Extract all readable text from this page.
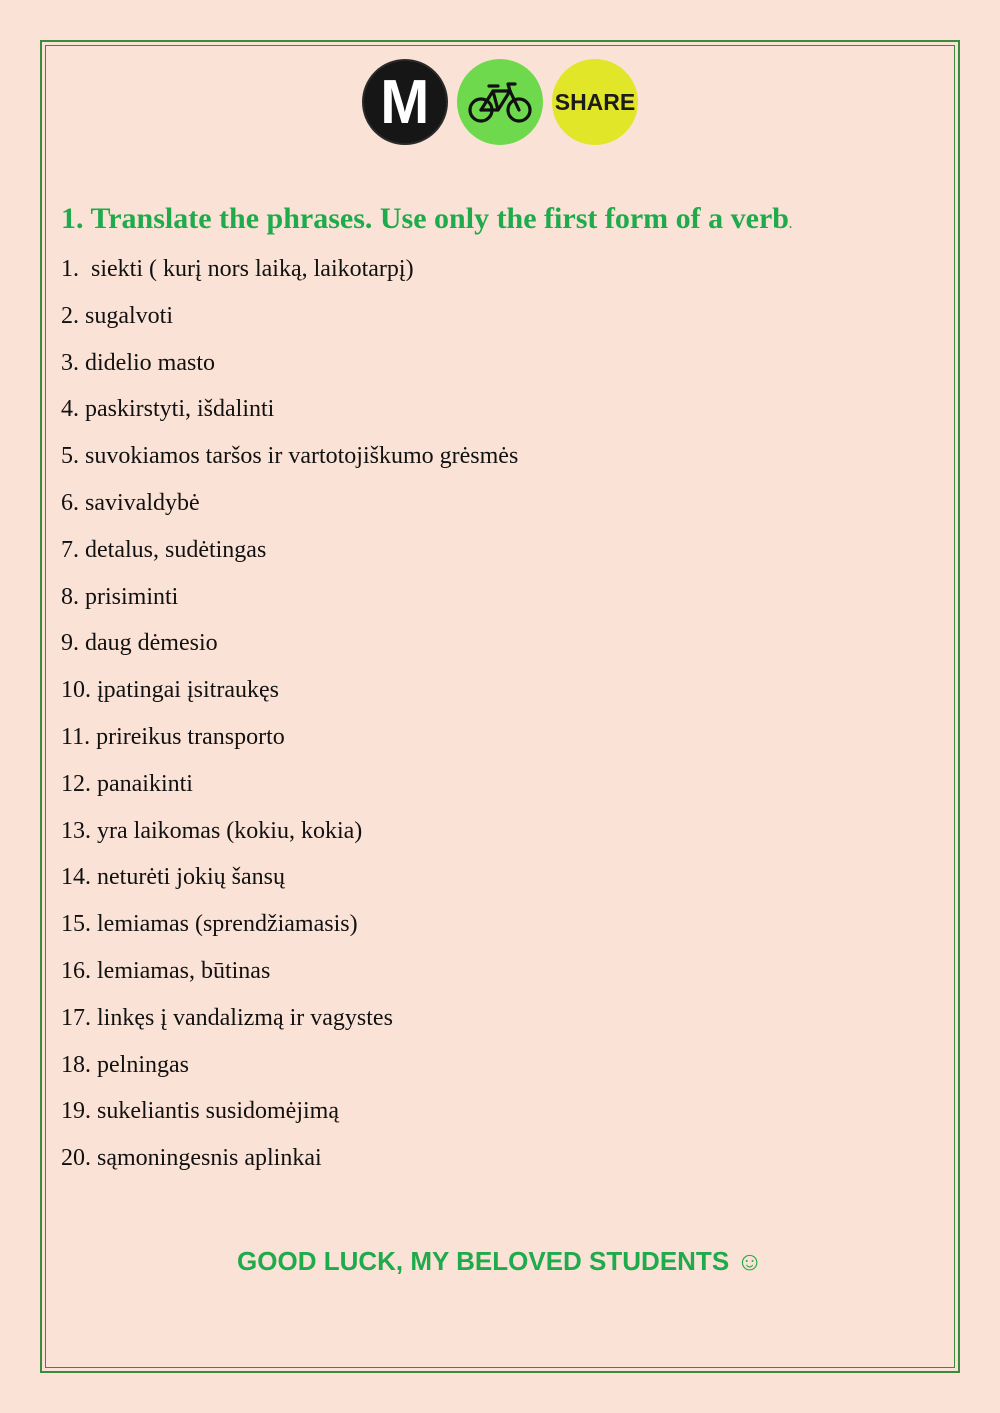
M	SHARE
1. Translate the phrases. Use only the first form of a verb.
1.  siekti ( kurį nors laiką, laikotarpį)
2. sugalvoti
3. didelio masto
4. paskirstyti, išdalinti
5. suvokiamos taršos ir vartotojiškumo grėsmės
6. savivaldybė
7. detalus, sudėtingas
8. prisiminti
9. daug dėmesio
10. įpatingai įsitraukęs
11. prireikus transporto
12. panaikinti
13. yra laikomas (kokiu, kokia)
14. neturėti jokių šansų
15. lemiamas (sprendžiamasis)
16. lemiamas, būtinas
17. linkęs į vandalizmą ir vagystes
18. pelningas
19. sukeliantis susidomėjimą
20. sąmoningesnis aplinkai
GOOD LUCK, MY BELOVED STUDENTS ☺
